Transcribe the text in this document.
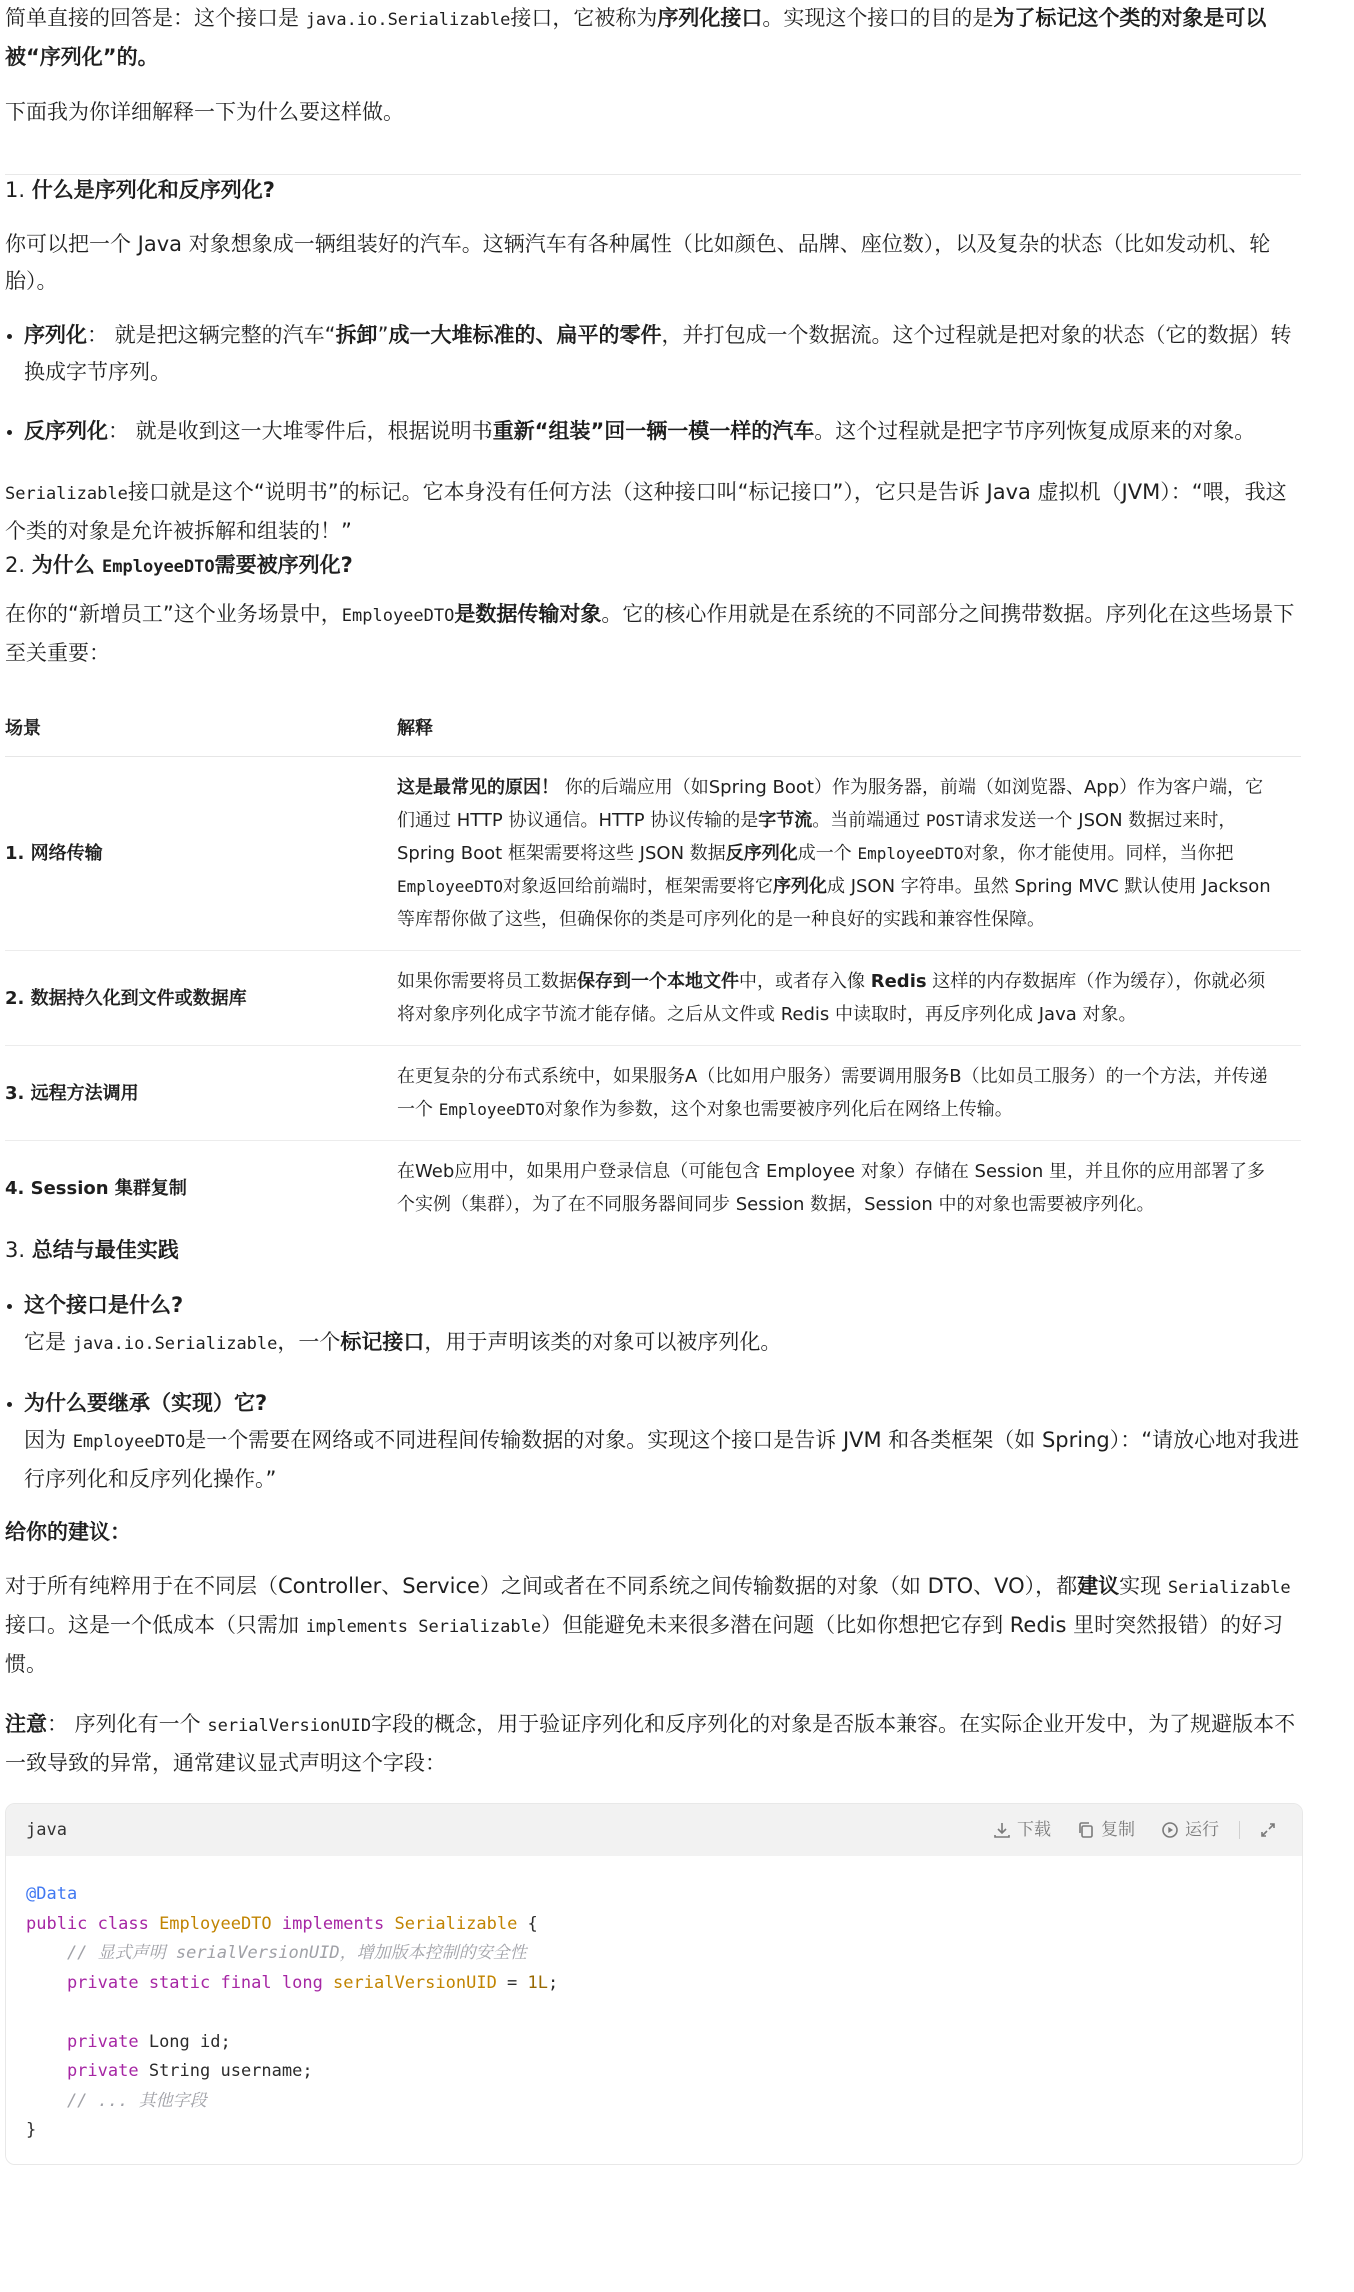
简单直接的回答是：这个接口是 java.io.Serializable接口，它被称为序列化接口。实现这个接口的目的是为了标记这个类的对象是可以被“序列化”的。

下面我为你详细解释一下为什么要这样做。

1. 什么是序列化和反序列化?

你可以把一个 Java 对象想象成一辆组装好的汽车。这辆汽车有各种属性（比如颜色、品牌、座位数），以及复杂的状态（比如发动机、轮胎）。

序列化： 就是把这辆完整的汽车“拆卸”成一大堆标准的、扁平的零件，并打包成一个数据流。这个过程就是把对象的状态（它的数据）转换成字节序列。
反序列化： 就是收到这一大堆零件后，根据说明书重新“组装”回一辆一模一样的汽车。这个过程就是把字节序列恢复成原来的对象。

Serializable接口就是这个“说明书”的标记。它本身没有任何方法（这种接口叫“标记接口”），它只是告诉 Java 虚拟机（JVM）：“喂，我这个类的对象是允许被拆解和组装的！”

2. 为什么 EmployeeDTO需要被序列化?

在你的“新增员工”这个业务场景中，EmployeeDTO是数据传输对象。它的核心作用就是在系统的不同部分之间携带数据。序列化在这些场景下至关重要：

场景	解释
1. 网络传输	这是最常见的原因！ 你的后端应用（如Spring Boot）作为服务器，前端（如浏览器、App）作为客户端，它们通过 HTTP 协议通信。HTTP 协议传输的是字节流。当前端通过 POST请求发送一个 JSON 数据过来时，Spring Boot 框架需要将这些 JSON 数据反序列化成一个 EmployeeDTO对象，你才能使用。同样，当你把 EmployeeDTO对象返回给前端时，框架需要将它序列化成 JSON 字符串。虽然 Spring MVC 默认使用 Jackson 等库帮你做了这些，但确保你的类是可序列化的是一种良好的实践和兼容性保障。
2. 数据持久化到文件或数据库	如果你需要将员工数据保存到一个本地文件中，或者存入像 Redis 这样的内存数据库（作为缓存），你就必须将对象序列化成字节流才能存储。之后从文件或 Redis 中读取时，再反序列化成 Java 对象。
3. 远程方法调用	在更复杂的分布式系统中，如果服务A（比如用户服务）需要调用服务B（比如员工服务）的一个方法，并传递一个 EmployeeDTO对象作为参数，这个对象也需要被序列化后在网络上传输。
4. Session 集群复制	在Web应用中，如果用户登录信息（可能包含 Employee 对象）存储在 Session 里，并且你的应用部署了多个实例（集群），为了在不同服务器间同步 Session 数据，Session 中的对象也需要被序列化。
3. 总结与最佳实践
这个接口是什么?
它是 java.io.Serializable，一个标记接口，用于声明该类的对象可以被序列化。
为什么要继承（实现）它?
因为 EmployeeDTO是一个需要在网络或不同进程间传输数据的对象。实现这个接口是告诉 JVM 和各类框架（如 Spring）：“请放心地对我进行序列化和反序列化操作。”

给你的建议：

对于所有纯粹用于在不同层（Controller、Service）之间或者在不同系统之间传输数据的对象（如 DTO、VO），都建议实现 Serializable接口。这是一个低成本（只需加 implements Serializable）但能避免未来很多潜在问题（比如你想把它存到 Redis 里时突然报错）的好习惯。

注意： 序列化有一个 serialVersionUID字段的概念，用于验证序列化和反序列化的对象是否版本兼容。在实际企业开发中，为了规避版本不一致导致的异常，通常建议显式声明这个字段：

java	下载	复制	运行
@Data
public class EmployeeDTO implements Serializable {
// 显式声明 serialVersionUID，增加版本控制的安全性
private static final long serialVersionUID = 1L;

private Long id;
private String username;
// ... 其他字段
}
